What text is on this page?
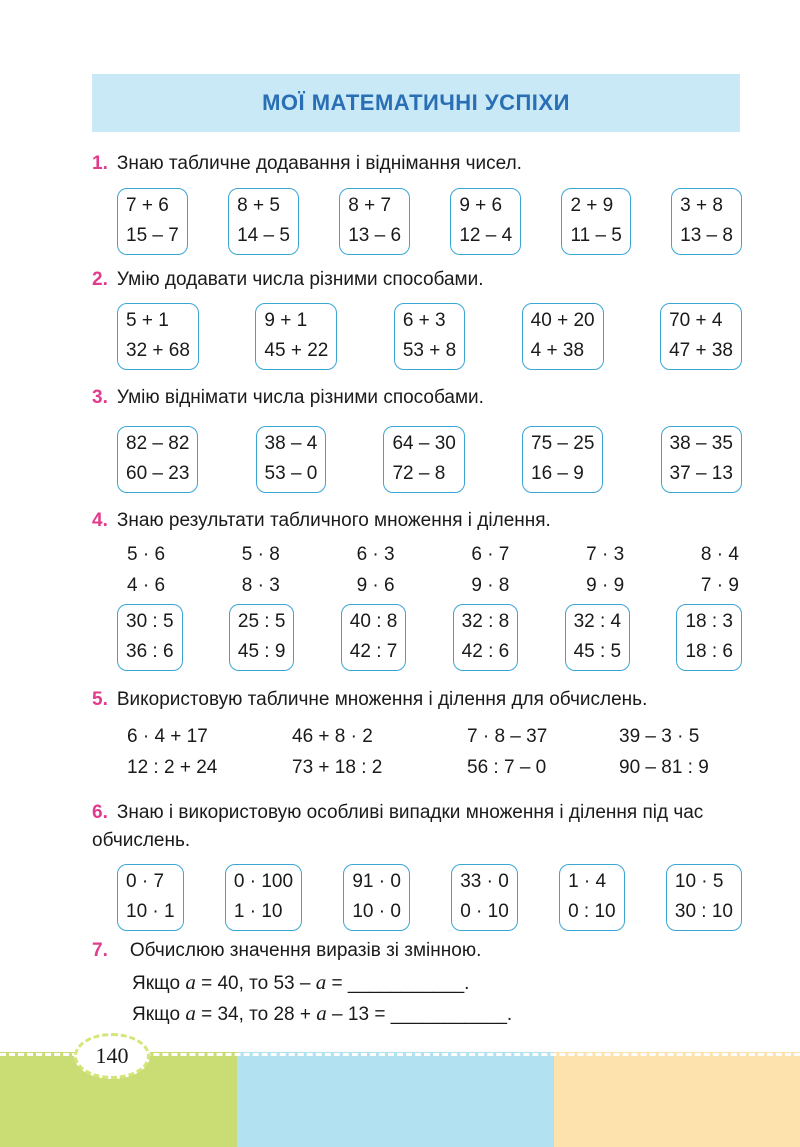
МОЇ МАТЕМАТИЧНІ УСПІХИ
1. Знаю табличне додавання і віднімання чисел.
7 + 6
15 – 7
8 + 5
14 – 5
8 + 7
13 – 6
9 + 6
12 – 4
2 + 9
11 – 5
3 + 8
13 – 8
2. Умію додавати числа різними способами.
5 + 1
32 + 68
9 + 1
45 + 22
6 + 3
53 + 8
40 + 20
4 + 38
70 + 4
47 + 38
3. Умію віднімати числа різними способами.
82 – 82
60 – 23
38 – 4
53 – 0
64 – 30
72 – 8
75 – 25
16 – 9
38 – 35
37 – 13
4. Знаю результати табличного множення і ділення.
5 · 6
4 · 6
5 · 8
8 · 3
6 · 3
9 · 6
6 · 7
9 · 8
7 · 3
9 · 9
8 · 4
7 · 9
30 : 5
36 : 6
25 : 5
45 : 9
40 : 8
42 : 7
32 : 8
42 : 6
32 : 4
45 : 5
18 : 3
18 : 6
5. Використовую табличне множення і ділення для обчислень.
6 · 4 + 17
12 : 2 + 24
46 + 8 · 2
73 + 18 : 2
7 · 8 – 37
56 : 7 – 0
39 – 3 · 5
90 – 81 : 9
6. Знаю і використовую особливі випадки множення і ділення під час обчислень.
0 · 7
10 · 1
0 · 100
1 · 10
91 · 0
10 · 0
33 · 0
0 · 10
1 · 4
0 : 10
10 · 5
30 : 10
7. Обчислюю значення виразів зі змінною.
Якщо a = 40, то 53 – a = ___________.
Якщо a = 34, то 28 + a – 13 = ___________.
140
